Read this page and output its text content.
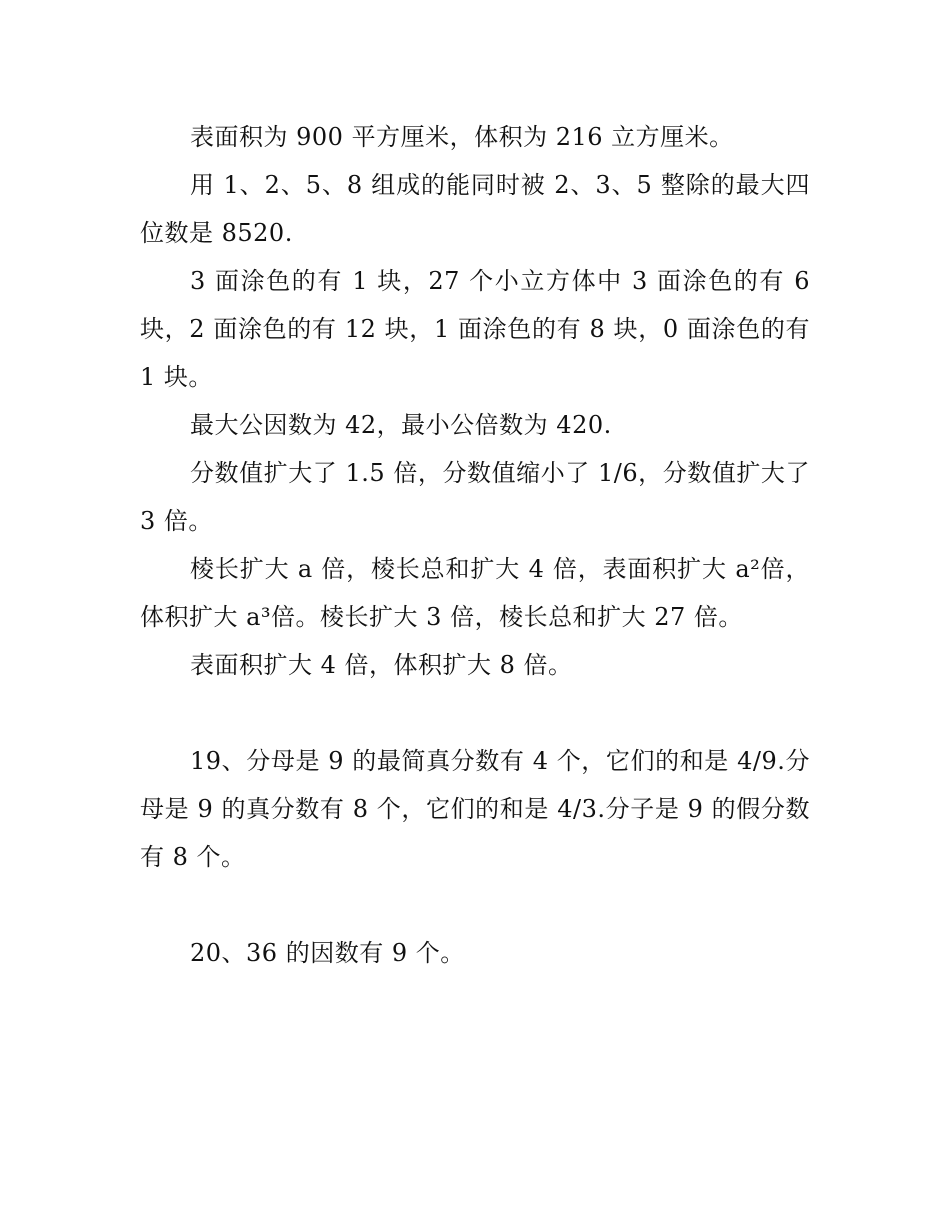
表面积为 900 平方厘米，体积为 216 立方厘米。

用 1、2、5、8 组成的能同时被 2、3、5 整除的最大四位数是 8520.

3 面涂色的有 1 块，27 个小立方体中 3 面涂色的有 6 块，2 面涂色的有 12 块，1 面涂色的有 8 块，0 面涂色的有 1 块。

最大公因数为 42，最小公倍数为 420.

分数值扩大了 1.5 倍，分数值缩小了 1/6，分数值扩大了 3 倍。

棱长扩大 a 倍，棱长总和扩大 4 倍，表面积扩大 a²倍，体积扩大 a³倍。棱长扩大 3 倍，棱长总和扩大 27 倍。

表面积扩大 4 倍，体积扩大 8 倍。

19、分母是 9 的最简真分数有 4 个，它们的和是 4/9.分母是 9 的真分数有 8 个，它们的和是 4/3.分子是 9 的假分数有 8 个。

20、36 的因数有 9 个。
